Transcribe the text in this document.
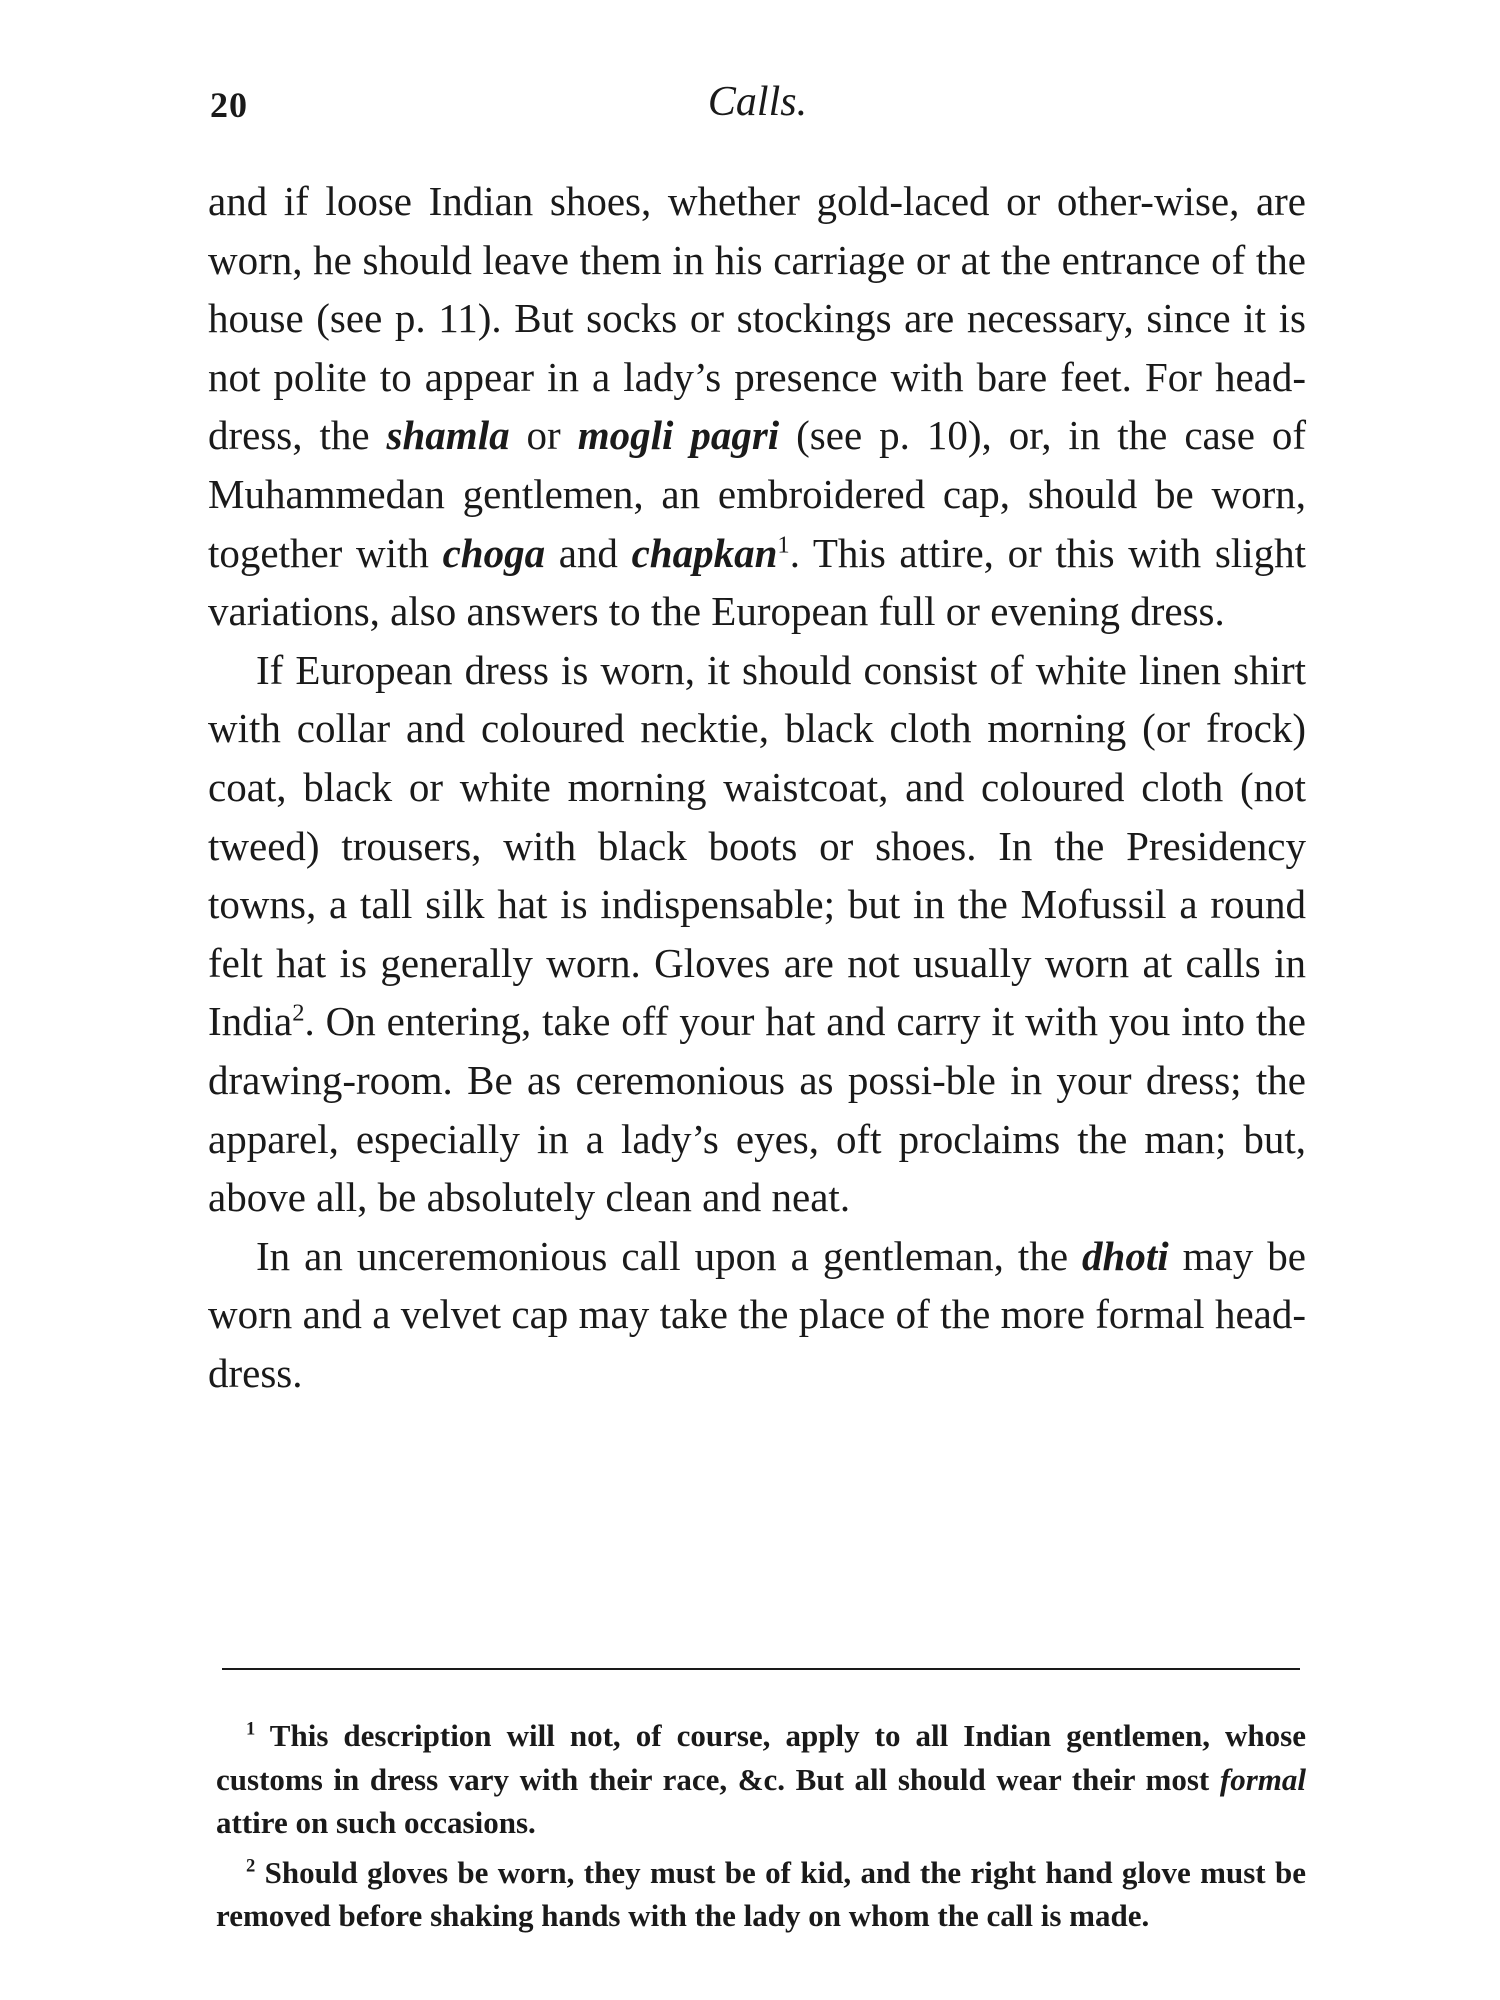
20	Calls.

and if loose Indian shoes, whether gold-laced or other-wise, are worn, he should leave them in his carriage or at the entrance of the house (see p. 11). But socks or stockings are necessary, since it is not polite to appear in a lady’s presence with bare feet. For head-dress, the shamla or mogli pagri (see p. 10), or, in the case of Muhammedan gentlemen, an embroidered cap, should be worn, together with choga and chapkan$^1$. This attire, or this with slight variations, also answers to the European full or evening dress.

If European dress is worn, it should consist of white linen shirt with collar and coloured necktie, black cloth morning (or frock) coat, black or white morning waistcoat, and coloured cloth (not tweed) trousers, with black boots or shoes. In the Presidency towns, a tall silk hat is indispensable; but in the Mofussil a round felt hat is generally worn. Gloves are not usually worn at calls in India$^2$. On entering, take off your hat and carry it with you into the drawing-room. Be as ceremonious as possi-ble in your dress; the apparel, especially in a lady’s eyes, oft proclaims the man; but, above all, be absolutely clean and neat.

In an unceremonious call upon a gentleman, the dhoti may be worn and a velvet cap may take the place of the more formal head-dress.

$^1$ This description will not, of course, apply to all Indian gentlemen, whose customs in dress vary with their race, &c. But all should wear their most formal attire on such occasions.

$^2$ Should gloves be worn, they must be of kid, and the right hand glove must be removed before shaking hands with the lady on whom the call is made.
